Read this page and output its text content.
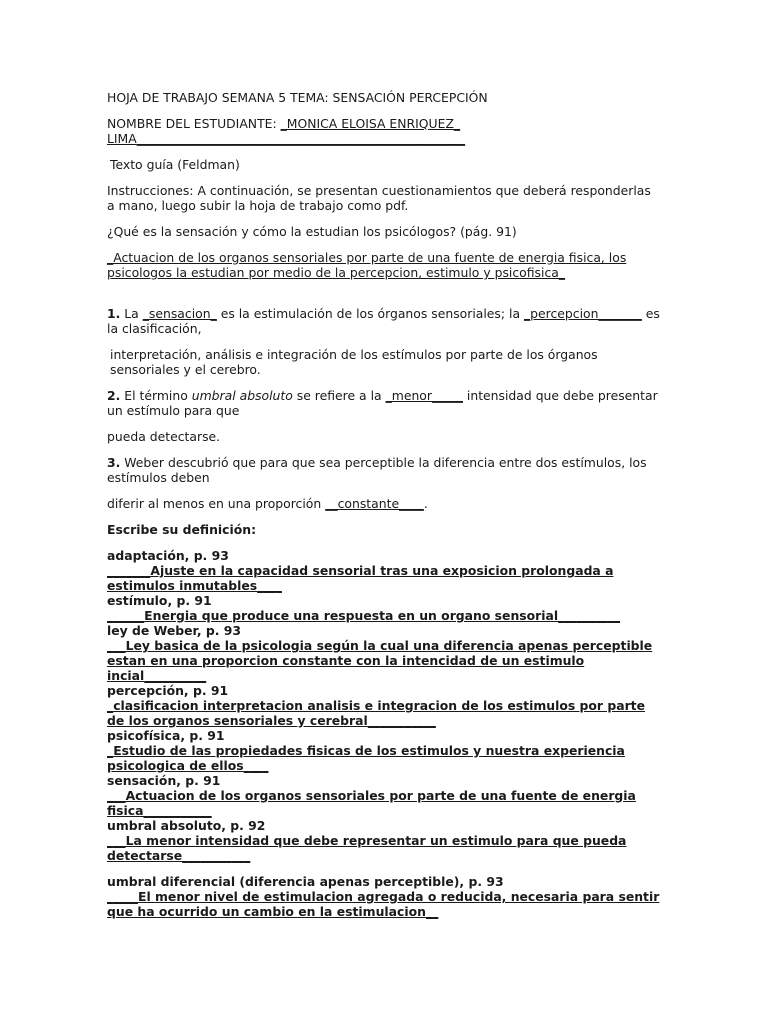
HOJA DE TRABAJO SEMANA 5 TEMA: SENSACIÓN PERCEPCIÓN

NOMBRE DEL ESTUDIANTE: _MONICA ELOISA ENRIQUEZ_
LIMA_____________________________________________________

Texto guía (Feldman)

Instrucciones: A continuación, se presentan cuestionamientos que deberá responderlas a mano, luego subir la hoja de trabajo como pdf.

¿Qué es la sensación y cómo la estudian los psicólogos? (pág. 91)

_Actuacion de los organos sensoriales por parte de una fuente de energia fisica, los psicologos la estudian por medio de la percepcion, estimulo y psicofisica_

1. La _sensacion_ es la estimulación de los órganos sensoriales; la _percepcion_______ es la clasificación,

interpretación, análisis e integración de los estímulos por parte de los órganos sensoriales y el cerebro.

2. El término umbral absoluto se refiere a la _menor_____ intensidad que debe presentar un estímulo para que

pueda detectarse.

3. Weber descubrió que para que sea perceptible la diferencia entre dos estímulos, los estímulos deben

diferir al menos en una proporción __constante____.

Escribe su definición:

adaptación, p. 93

_______Ajuste en la capacidad sensorial tras una exposicion prolongada a estimulos inmutables____

estímulo, p. 91

______Energia que produce una respuesta en un organo sensorial__________

ley de Weber, p. 93

___Ley basica de la psicologia según la cual una diferencia apenas perceptible estan en una proporcion constante con la intencidad de un estimulo incial__________

percepción, p. 91

_clasificacion interpretacion analisis e integracion de los estimulos por parte de los organos sensoriales y cerebral___________

psicofísica, p. 91

_Estudio de las propiedades fisicas de los estimulos y nuestra experiencia psicologica de ellos____

sensación, p. 91

___Actuacion de los organos sensoriales por parte de una fuente de energia fisica___________

umbral absoluto, p. 92

___La menor intensidad que debe representar un estimulo para que pueda detectarse___________

umbral diferencial (diferencia apenas perceptible), p. 93

_____El menor nivel de estimulacion agregada o reducida, necesaria para sentir que ha ocurrido un cambio en la estimulacion__
